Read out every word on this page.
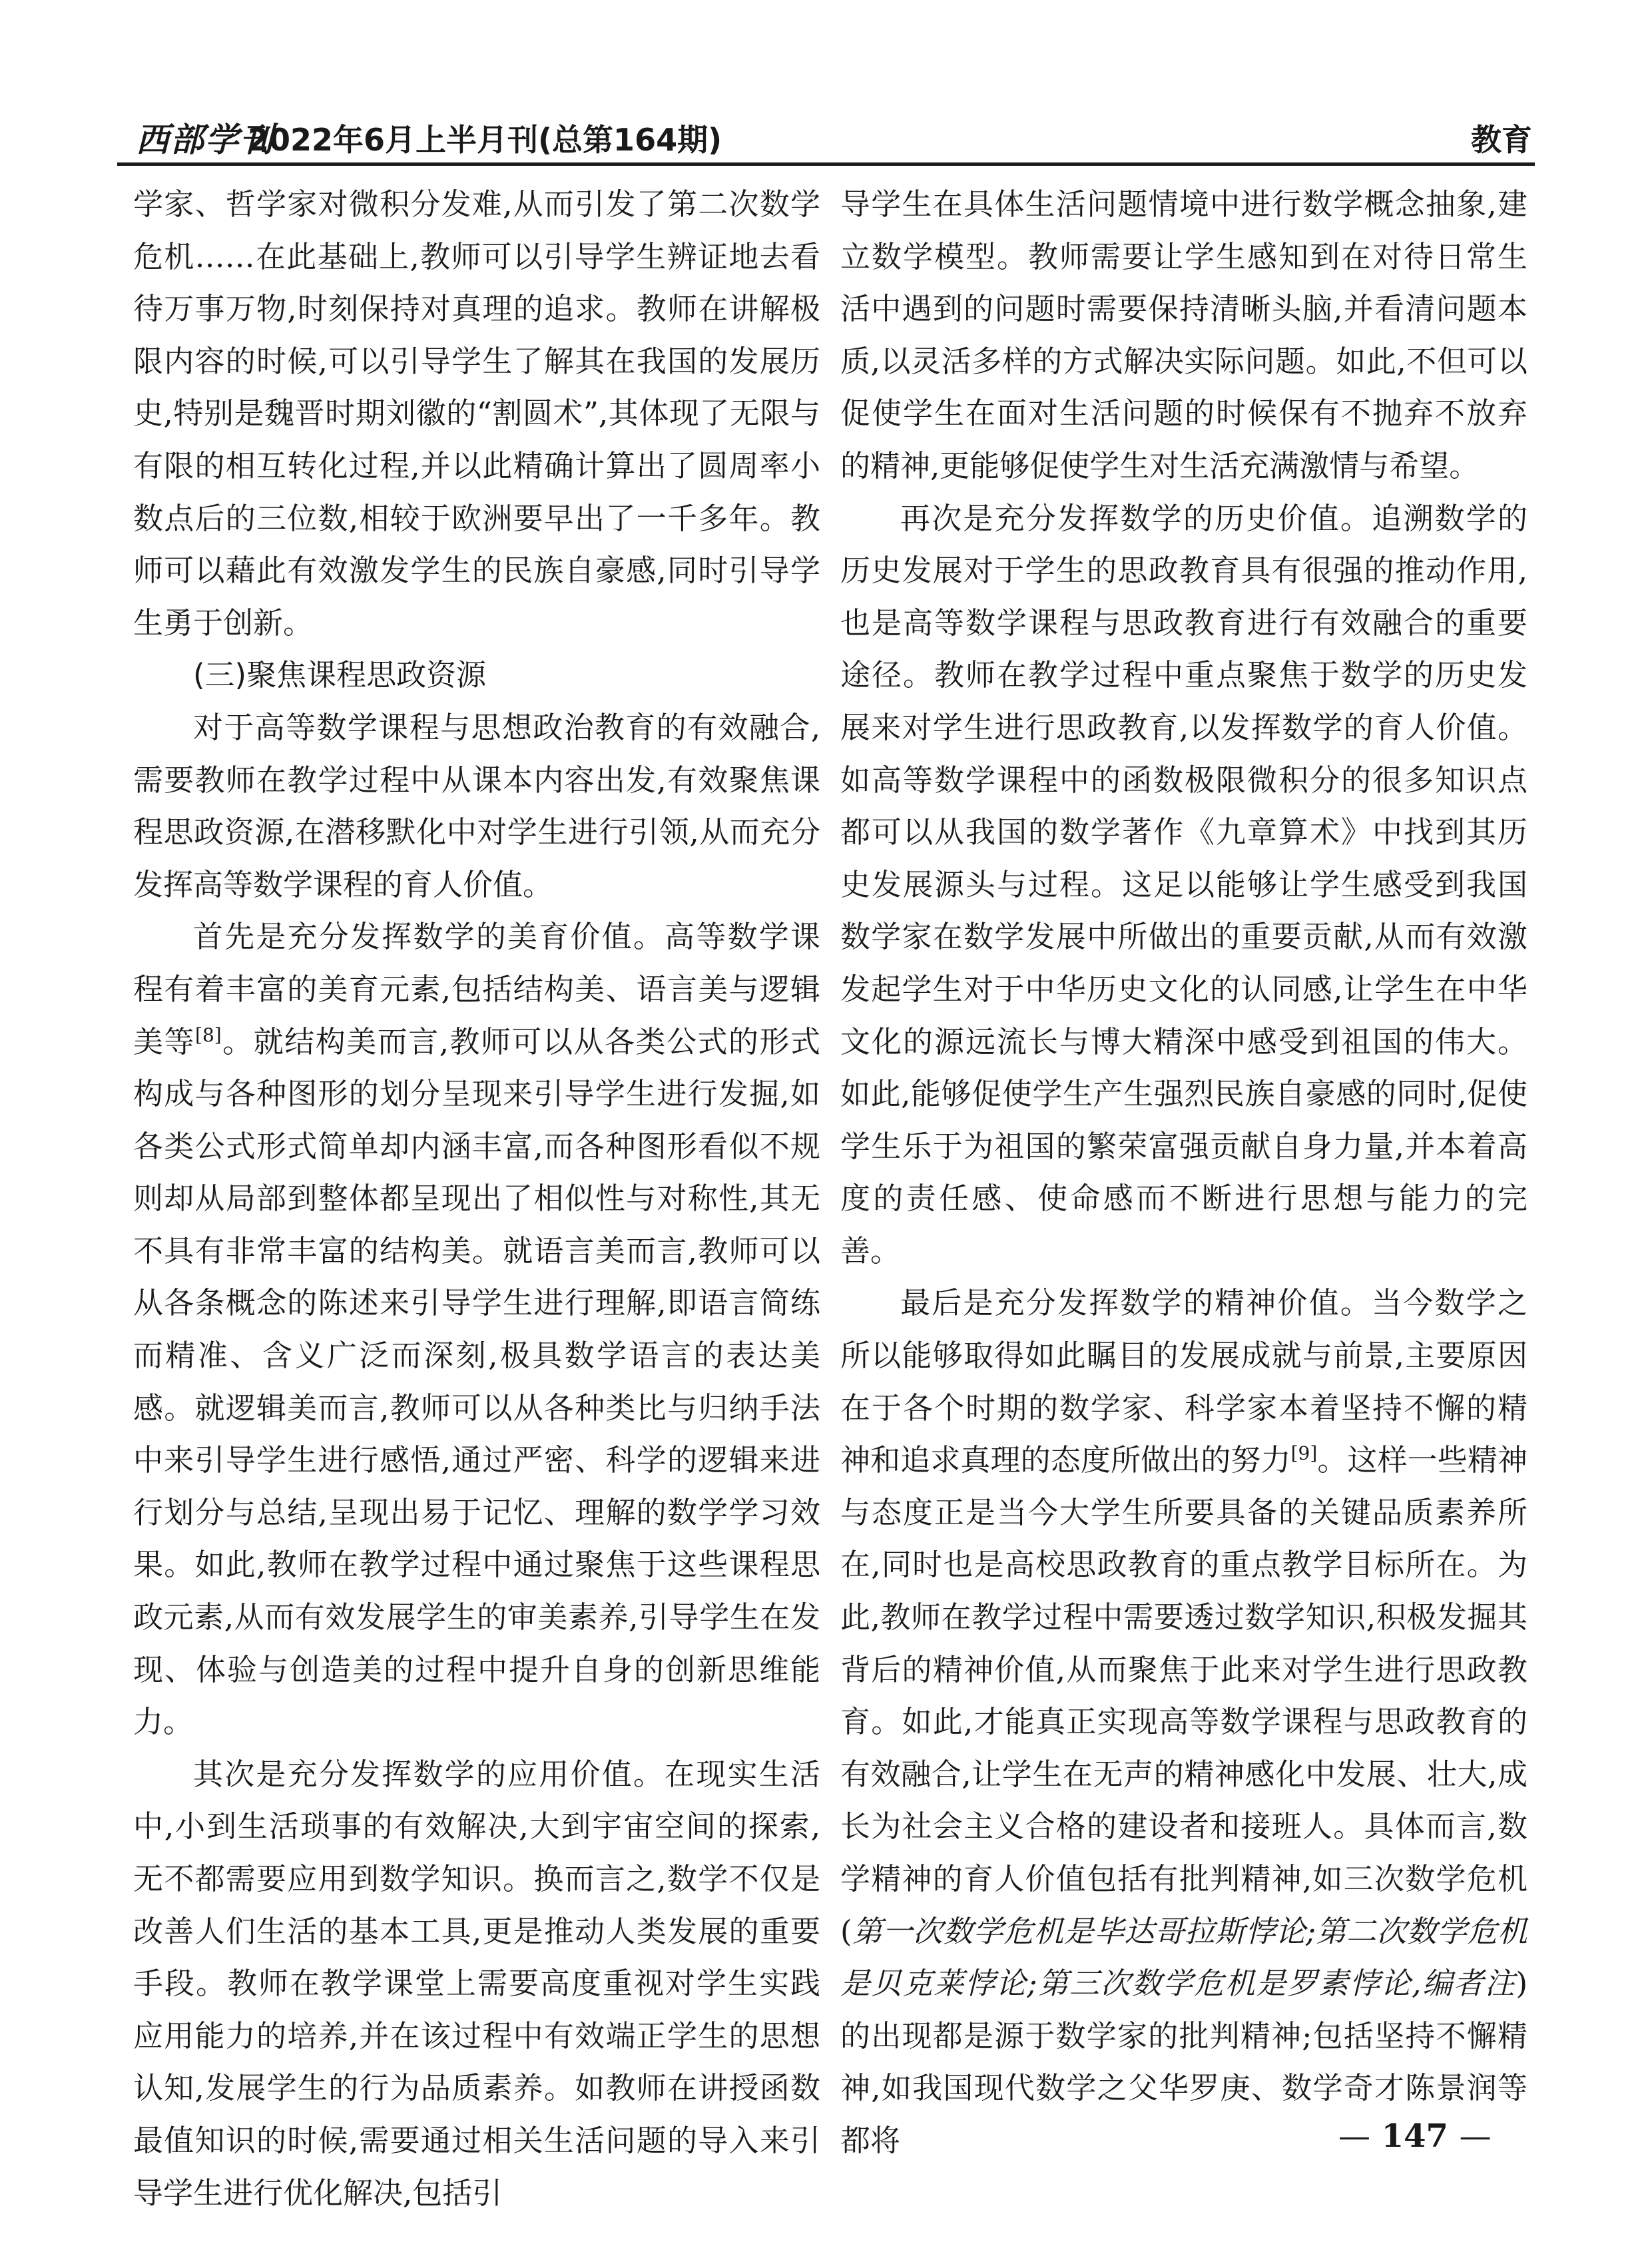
西部学刊
2022年6月上半月刊(总第164期)	教育

学家、哲学家对微积分发难,从而引发了第二次数学危机……在此基础上,教师可以引导学生辨证地去看待万事万物,时刻保持对真理的追求。教师在讲解极限内容的时候,可以引导学生了解其在我国的发展历史,特别是魏晋时期刘徽的“割圆术”,其体现了无限与有限的相互转化过程,并以此精确计算出了圆周率小数点后的三位数,相较于欧洲要早出了一千多年。教师可以藉此有效激发学生的民族自豪感,同时引导学生勇于创新。

(三)聚焦课程思政资源

对于高等数学课程与思想政治教育的有效融合,需要教师在教学过程中从课本内容出发,有效聚焦课程思政资源,在潜移默化中对学生进行引领,从而充分发挥高等数学课程的育人价值。

首先是充分发挥数学的美育价值。高等数学课程有着丰富的美育元素,包括结构美、语言美与逻辑美等[8]。就结构美而言,教师可以从各类公式的形式构成与各种图形的划分呈现来引导学生进行发掘,如各类公式形式简单却内涵丰富,而各种图形看似不规则却从局部到整体都呈现出了相似性与对称性,其无不具有非常丰富的结构美。就语言美而言,教师可以从各条概念的陈述来引导学生进行理解,即语言简练而精准、含义广泛而深刻,极具数学语言的表达美感。就逻辑美而言,教师可以从各种类比与归纳手法中来引导学生进行感悟,通过严密、科学的逻辑来进行划分与总结,呈现出易于记忆、理解的数学学习效果。如此,教师在教学过程中通过聚焦于这些课程思政元素,从而有效发展学生的审美素养,引导学生在发现、体验与创造美的过程中提升自身的创新思维能力。

其次是充分发挥数学的应用价值。在现实生活中,小到生活琐事的有效解决,大到宇宙空间的探索,无不都需要应用到数学知识。换而言之,数学不仅是改善人们生活的基本工具,更是推动人类发展的重要手段。教师在教学课堂上需要高度重视对学生实践应用能力的培养,并在该过程中有效端正学生的思想认知,发展学生的行为品质素养。如教师在讲授函数最值知识的时候,需要通过相关生活问题的导入来引导学生进行优化解决,包括引

导学生在具体生活问题情境中进行数学概念抽象,建立数学模型。教师需要让学生感知到在对待日常生活中遇到的问题时需要保持清晰头脑,并看清问题本质,以灵活多样的方式解决实际问题。如此,不但可以促使学生在面对生活问题的时候保有不抛弃不放弃的精神,更能够促使学生对生活充满激情与希望。

再次是充分发挥数学的历史价值。追溯数学的历史发展对于学生的思政教育具有很强的推动作用,也是高等数学课程与思政教育进行有效融合的重要途径。教师在教学过程中重点聚焦于数学的历史发展来对学生进行思政教育,以发挥数学的育人价值。如高等数学课程中的函数极限微积分的很多知识点都可以从我国的数学著作《九章算术》中找到其历史发展源头与过程。这足以能够让学生感受到我国数学家在数学发展中所做出的重要贡献,从而有效激发起学生对于中华历史文化的认同感,让学生在中华文化的源远流长与博大精深中感受到祖国的伟大。如此,能够促使学生产生强烈民族自豪感的同时,促使学生乐于为祖国的繁荣富强贡献自身力量,并本着高度的责任感、使命感而不断进行思想与能力的完善。

最后是充分发挥数学的精神价值。当今数学之所以能够取得如此瞩目的发展成就与前景,主要原因在于各个时期的数学家、科学家本着坚持不懈的精神和追求真理的态度所做出的努力[9]。这样一些精神与态度正是当今大学生所要具备的关键品质素养所在,同时也是高校思政教育的重点教学目标所在。为此,教师在教学过程中需要透过数学知识,积极发掘其背后的精神价值,从而聚焦于此来对学生进行思政教育。如此,才能真正实现高等数学课程与思政教育的有效融合,让学生在无声的精神感化中发展、壮大,成长为社会主义合格的建设者和接班人。具体而言,数学精神的育人价值包括有批判精神,如三次数学危机(第一次数学危机是毕达哥拉斯悖论;第二次数学危机是贝克莱悖论;第三次数学危机是罗素悖论,编者注)的出现都是源于数学家的批判精神;包括坚持不懈精神,如我国现代数学之父华罗庚、数学奇才陈景润等都将	— 147 —
